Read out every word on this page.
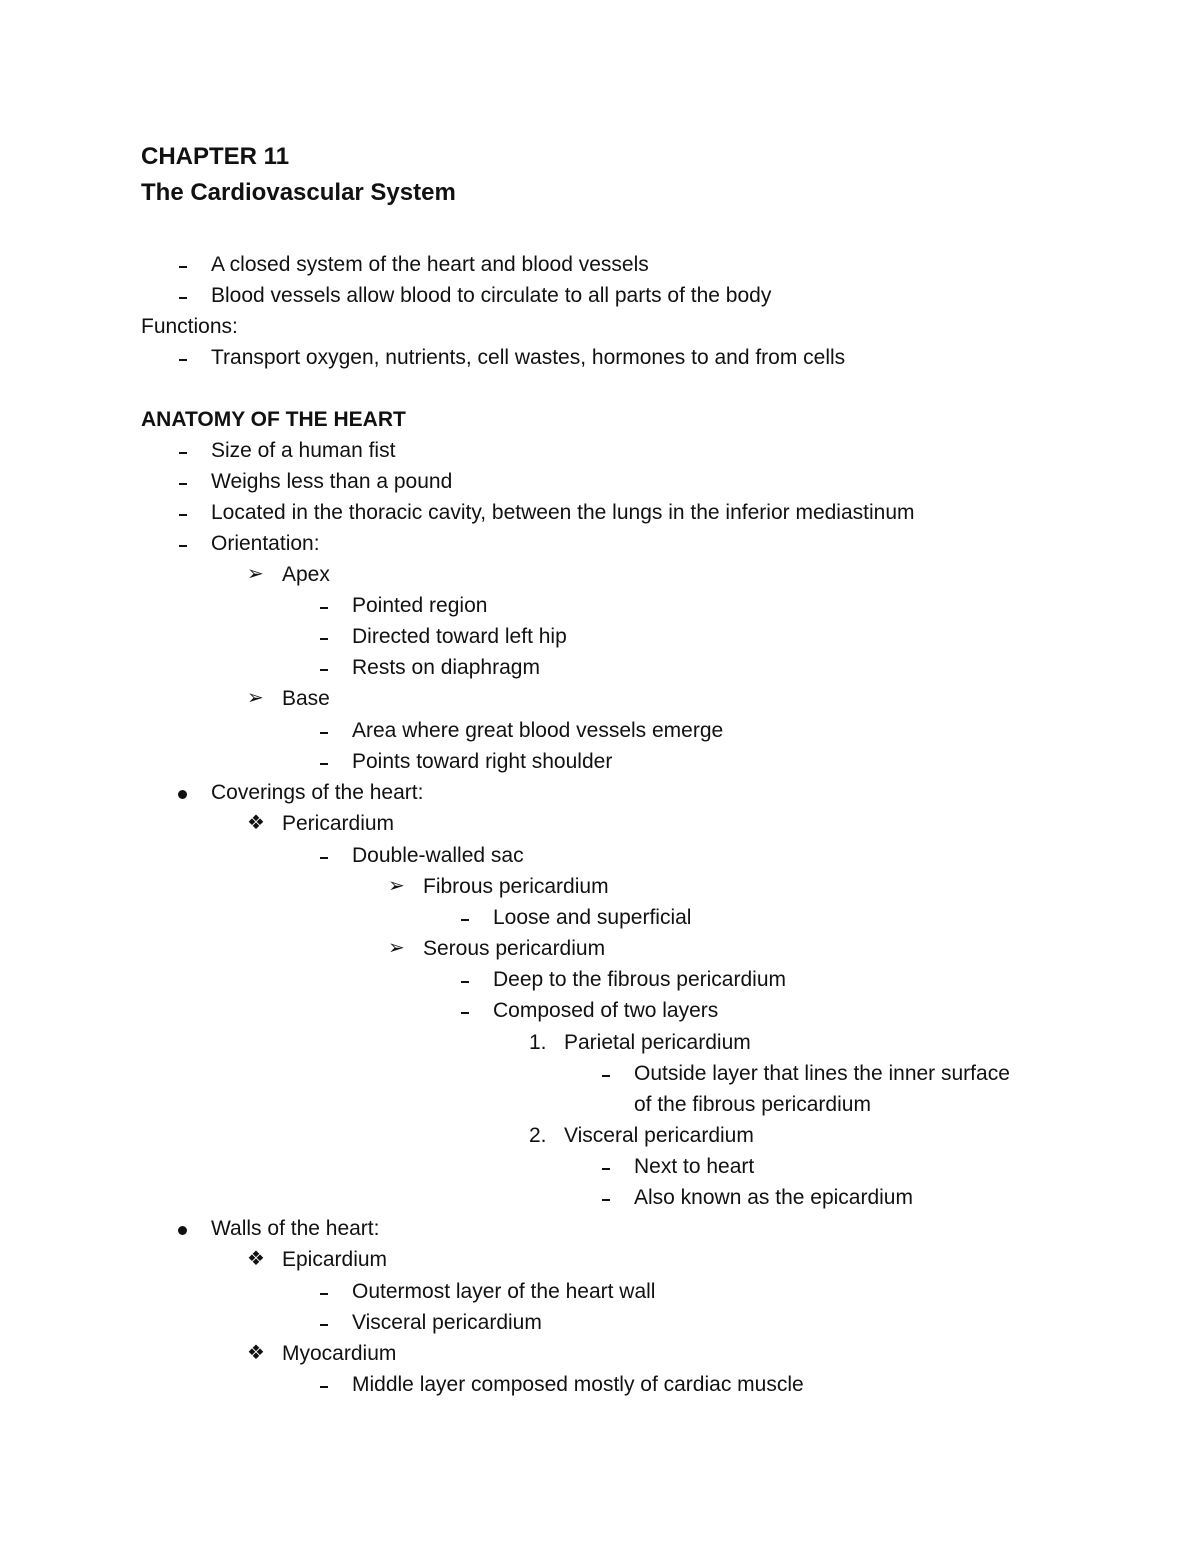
CHAPTER 11
The Cardiovascular System
A closed system of the heart and blood vessels
Blood vessels allow blood to circulate to all parts of the body
Functions:
Transport oxygen, nutrients, cell wastes, hormones to and from cells
ANATOMY OF THE HEART
Size of a human fist
Weighs less than a pound
Located in the thoracic cavity, between the lungs in the inferior mediastinum
Orientation:
➢ Apex
Pointed region
Directed toward left hip
Rests on diaphragm
➢ Base
Area where great blood vessels emerge
Points toward right shoulder
Coverings of the heart:
❖ Pericardium
Double-walled sac
➢ Fibrous pericardium
Loose and superficial
➢ Serous pericardium
Deep to the fibrous pericardium
Composed of two layers
1. Parietal pericardium
Outside layer that lines the inner surface
of the fibrous pericardium
2. Visceral pericardium
Next to heart
Also known as the epicardium
Walls of the heart:
❖ Epicardium
Outermost layer of the heart wall
Visceral pericardium
❖ Myocardium
Middle layer composed mostly of cardiac muscle
